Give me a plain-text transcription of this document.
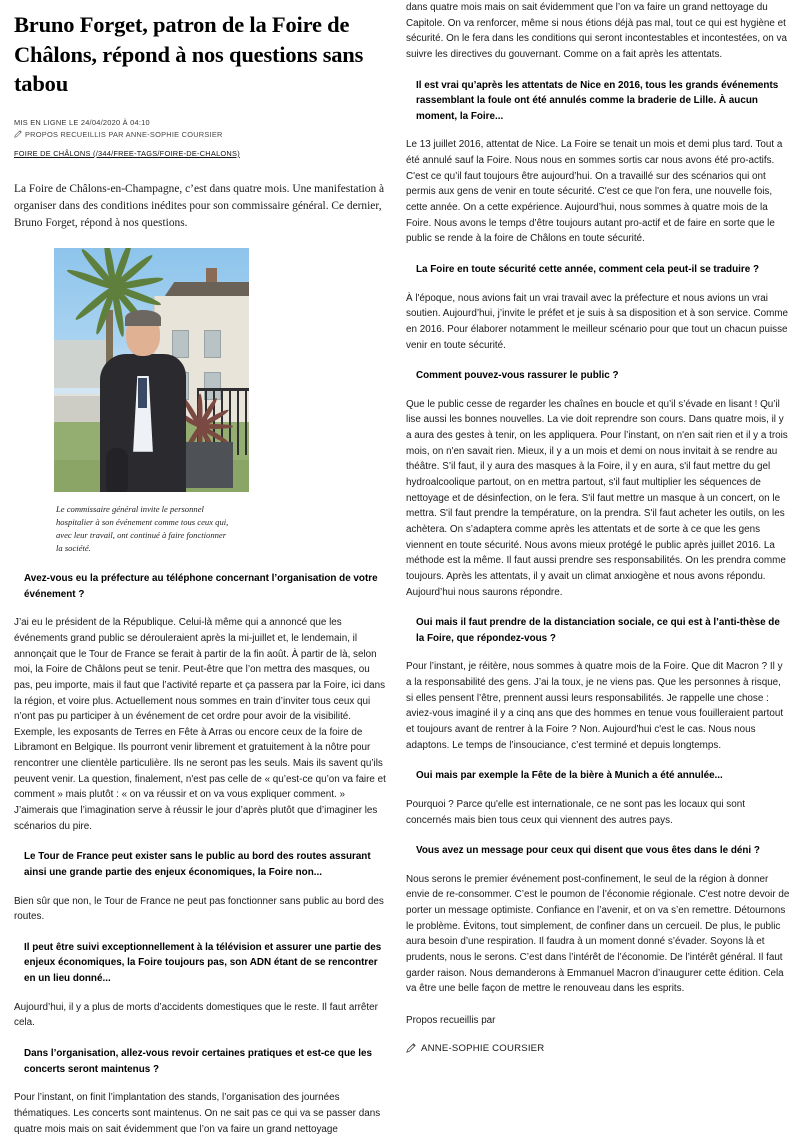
Bruno Forget, patron de la Foire de Châlons, répond à nos questions sans tabou
MIS EN LIGNE LE 24/04/2020 À 04:10
PROPOS RECUEILLIS PAR ANNE-SOPHIE COURSIER
FOIRE DE CHÂLONS (/344/FREE-TAGS/FOIRE-DE-CHALONS)

La Foire de Châlons-en-Champagne, c’est dans quatre mois. Une manifestation à organiser dans des conditions inédites pour son commissaire général. Ce dernier, Bruno Forget, répond à nos questions.

Le commissaire général invite le personnel hospitalier à son événement comme tous ceux qui, avec leur travail, ont continué à faire fonctionner la société.

Avez-vous eu la préfecture au téléphone concernant l’organisation de votre événement ?

J’ai eu le président de la République. Celui-là même qui a annoncé que les événements grand public se dérouleraient après la mi-juillet et, le lendemain, il annonçait que le Tour de France se ferait à partir de la fin août. À partir de là, selon moi, la Foire de Châlons peut se tenir. Peut-être que l’on mettra des masques, ou pas, peu importe, mais il faut que l’activité reparte et ça passera par la Foire, ici dans la région, et voire plus. Actuellement nous sommes en train d’inviter tous ceux qui n’ont pas pu participer à un événement de cet ordre pour avoir de la visibilité. Exemple, les exposants de Terres en Fête à Arras ou encore ceux de la foire de Libramont en Belgique. Ils pourront venir librement et gratuitement à la nôtre pour rencontrer une clientèle particulière. Ils ne seront pas les seuls. Mais ils savent qu’ils peuvent venir. La question, finalement, n'est pas celle de « qu’est-ce qu’on va faire et comment » mais plutôt : « on va réussir et on va vous expliquer comment. » J’aimerais que l’imagination serve à réussir le jour d’après plutôt que d’imaginer les scénarios du pire.

Le Tour de France peut exister sans le public au bord des routes assurant ainsi une grande partie des enjeux économiques, la Foire non...

Bien sûr que non, le Tour de France ne peut pas fonctionner sans public au bord des routes.

Il peut être suivi exceptionnellement à la télévision et assurer une partie des enjeux économiques, la Foire toujours pas, son ADN étant de se rencontrer en un lieu donné...

Aujourd’hui, il y a plus de morts d’accidents domestiques que le reste. Il faut arrêter cela.

Dans l’organisation, allez-vous revoir certaines pratiques et est-ce que les concerts seront maintenus ?

Pour l’instant, on finit l’implantation des stands, l’organisation des journées thématiques. Les concerts sont maintenus. On ne sait pas ce qui va se passer dans quatre mois mais on sait évidemment que l’on va faire un grand nettoyage

dans quatre mois mais on sait évidemment que l’on va faire un grand nettoyage du Capitole. On va renforcer, même si nous étions déjà pas mal, tout ce qui est hygiène et sécurité. On le fera dans les conditions qui seront incontestables et incontestées, on va suivre les directives du gouvernant. Comme on a fait après les attentats.

Il est vrai qu’après les attentats de Nice en 2016, tous les grands événements rassemblant la foule ont été annulés comme la braderie de Lille. À aucun moment, la Foire...

Le 13 juillet 2016, attentat de Nice. La Foire se tenait un mois et demi plus tard. Tout a été annulé sauf la Foire. Nous nous en sommes sortis car nous avons été pro-actifs. C'est ce qu’il faut toujours être aujourd’hui. On a travaillé sur des scénarios qui ont permis aux gens de venir en toute sécurité. C'est ce que l'on fera, une nouvelle fois, cette année. On a cette expérience. Aujourd’hui, nous sommes à quatre mois de la Foire. Nous avons le temps d’être toujours autant pro-actif et de faire en sorte que le public se rende à la foire de Châlons en toute sécurité.

La Foire en toute sécurité cette année, comment cela peut-il se traduire ?

À l'époque, nous avions fait un vrai travail avec la préfecture et nous avions un vrai soutien. Aujourd’hui, j’invite le préfet et je suis à sa disposition et à son service. Comme en 2016. Pour élaborer notamment le meilleur scénario pour que tout un chacun puisse venir en toute sécurité.

Comment pouvez-vous rassurer le public ?

Que le public cesse de regarder les chaînes en boucle et qu’il s’évade en lisant ! Qu’il lise aussi les bonnes nouvelles. La vie doit reprendre son cours. Dans quatre mois, il y a aura des gestes à tenir, on les appliquera. Pour l’instant, on n'en sait rien et il y a trois mois, on n'en savait rien. Mieux, il y a un mois et demi on nous invitait à se rendre au théâtre. S’il faut, il y aura des masques à la Foire, il y en aura, s'il faut mettre du gel hydroalcoolique partout, on en mettra partout, s'il faut multiplier les séquences de nettoyage et de désinfection, on le fera. S'il faut mettre un masque à un concert, on le mettra. S'il faut prendre la température, on la prendra. S'il faut acheter les outils, on les achètera. On s’adaptera comme après les attentats et de sorte à ce que les gens viennent en toute sécurité. Nous avons mieux protégé le public après juillet 2016. La méthode est la même. Il faut aussi prendre ses responsabilités. On les prendra comme toujours. Après les attentats, il y avait un climat anxiogène et nous avons répondu. Aujourd’hui nous saurons répondre.

Oui mais il faut prendre de la distanciation sociale, ce qui est à l’anti-thèse de la Foire, que répondez-vous ?

Pour l’instant, je réitère, nous sommes à quatre mois de la Foire. Que dit Macron ? Il y a la responsabilité des gens. J’ai la toux, je ne viens pas. Que les personnes à risque, si elles pensent l’être, prennent aussi leurs responsabilités. Je rappelle une chose : aviez-vous imaginé il y a cinq ans que des hommes en tenue vous fouilleraient partout et toujours avant de rentrer à la Foire ? Non. Aujourd'hui c'est le cas. Nous nous adaptons. Le temps de l’insouciance, c’est terminé et depuis longtemps.

Oui mais par exemple la Fête de la bière à Munich a été annulée...

Pourquoi ? Parce qu'elle est internationale, ce ne sont pas les locaux qui sont concernés mais bien tous ceux qui viennent des autres pays.

Vous avez un message pour ceux qui disent que vous êtes dans le déni ?

Nous serons le premier événement post-confinement, le seul de la région à donner envie de re-consommer. C’est le poumon de l’économie régionale. C'est notre devoir de porter un message optimiste. Confiance en l’avenir, et on va s’en remettre. Détournons le problème. Évitons, tout simplement, de confiner dans un cercueil. De plus, le public aura besoin d’une respiration. Il faudra à un moment donné s’évader. Soyons là et prudents, nous le serons. C’est dans l’intérêt de l’économie. De l’intérêt général. Il faut garder raison. Nous demanderons à Emmanuel Macron d’inaugurer cette édition. Cela va être une belle façon de mettre le renouveau dans les esprits.

Propos recueillis par

ANNE-SOPHIE COURSIER
